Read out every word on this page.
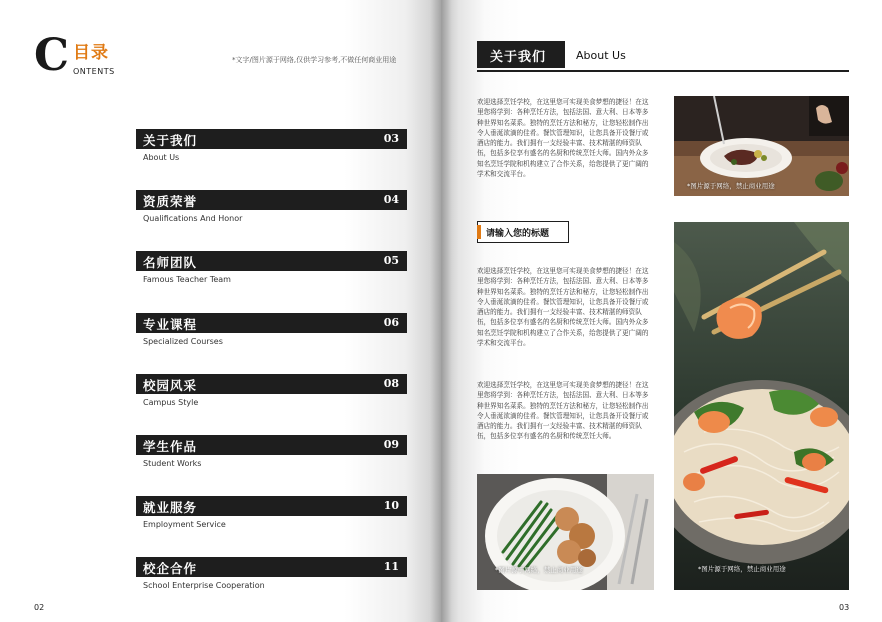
C 目录
ONTENTS
*文字/图片源于网络,仅供学习参考,不做任何商业用途
关于我们	03
About Us
资质荣誉	04
Qualifications And Honor
名师团队	05
Famous Teacher Team
专业课程	06
Specialized Courses
校园风采	08
Campus Style
学生作品	09
Student Works
就业服务	10
Employment Service
校企合作	11
School Enterprise Cooperation
02
关于我们	About Us
欢迎选择烹饪学校，在这里您可实现美食梦想的捷径！在这里您将学到：各种烹饪方法，包括法国、意大利、日本等多种世界知名菜系。独特的烹饪方法和秘方，让您轻松制作出令人垂涎欲滴的佳肴。餐饮管理知识，让您具备开设餐厅或酒店的能力。我们拥有一支经验丰富、技术精湛的师资队伍，包括多位享有盛名的名厨和传统烹饪大师。国内外众多知名烹饪学院和机构建立了合作关系，给您提供了更广阔的学术和交流平台。
请输入您的标题
欢迎选择烹饪学校，在这里您可实现美食梦想的捷径！在这里您将学到：各种烹饪方法，包括法国、意大利、日本等多种世界知名菜系。独特的烹饪方法和秘方，让您轻松制作出令人垂涎欲滴的佳肴。餐饮管理知识，让您具备开设餐厅或酒店的能力。我们拥有一支经验丰富、技术精湛的师资队伍，包括多位享有盛名的名厨和传统烹饪大师。国内外众多知名烹饪学院和机构建立了合作关系，给您提供了更广阔的学术和交流平台。
欢迎选择烹饪学校，在这里您可实现美食梦想的捷径！在这里您将学到：各种烹饪方法，包括法国、意大利、日本等多种世界知名菜系。独特的烹饪方法和秘方，让您轻松制作出令人垂涎欲滴的佳肴。餐饮管理知识，让您具备开设餐厅或酒店的能力。我们拥有一支经验丰富、技术精湛的师资队伍，包括多位享有盛名的名厨和传统烹饪大师。
*图片源于网络，禁止商业用途
*图片源于网络，禁止商业用途
*图片源于网络，禁止商业用途
03
